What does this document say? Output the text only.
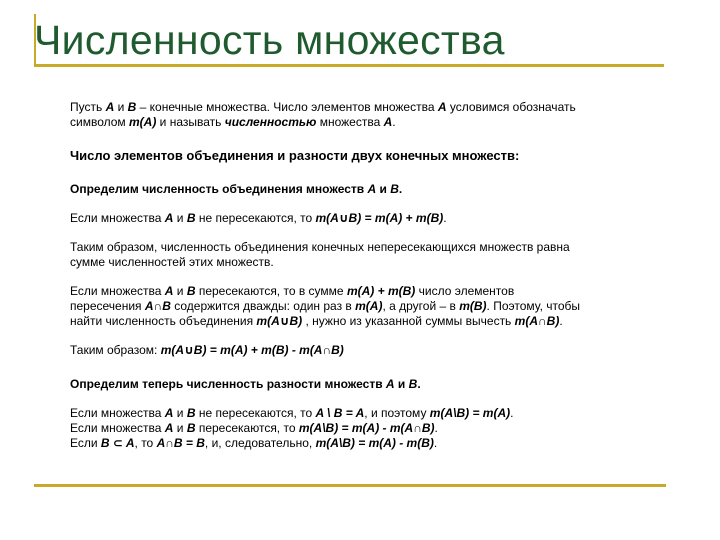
Численность множества

Пусть A и B – конечные множества. Число элементов множества A условимся обозначать
символом m(A) и называть численностью множества A.

Число элементов объединения и разности двух конечных множеств:

Определим численность объединения множеств A и B.

Если множества A и B не пересекаются, то m(A∪B) = m(A) + m(B).

Таким образом, численность объединения конечных непересекающихся множеств равна
сумме численностей этих множеств.

Если множества A и B пересекаются, то в сумме m(A) + m(B) число элементов
пересечения A∩B содержится дважды: один раз в m(A), а другой – в m(B). Поэтому, чтобы
найти численность объединения m(A∪B) , нужно из указанной суммы вычесть m(A∩B).

Таким образом: m(A∪B) = m(A) + m(B) - m(A∩B)

Определим теперь численность разности множеств A и B.

Если множества A и B не пересекаются, то A \ B = A, и поэтому m(A\B) = m(A).
Если множества A и B пересекаются, то m(A\B) = m(A) - m(A∩B).
Если B ⊂ A, то A∩B = B, и, следовательно, m(A\B) = m(A) - m(B).
